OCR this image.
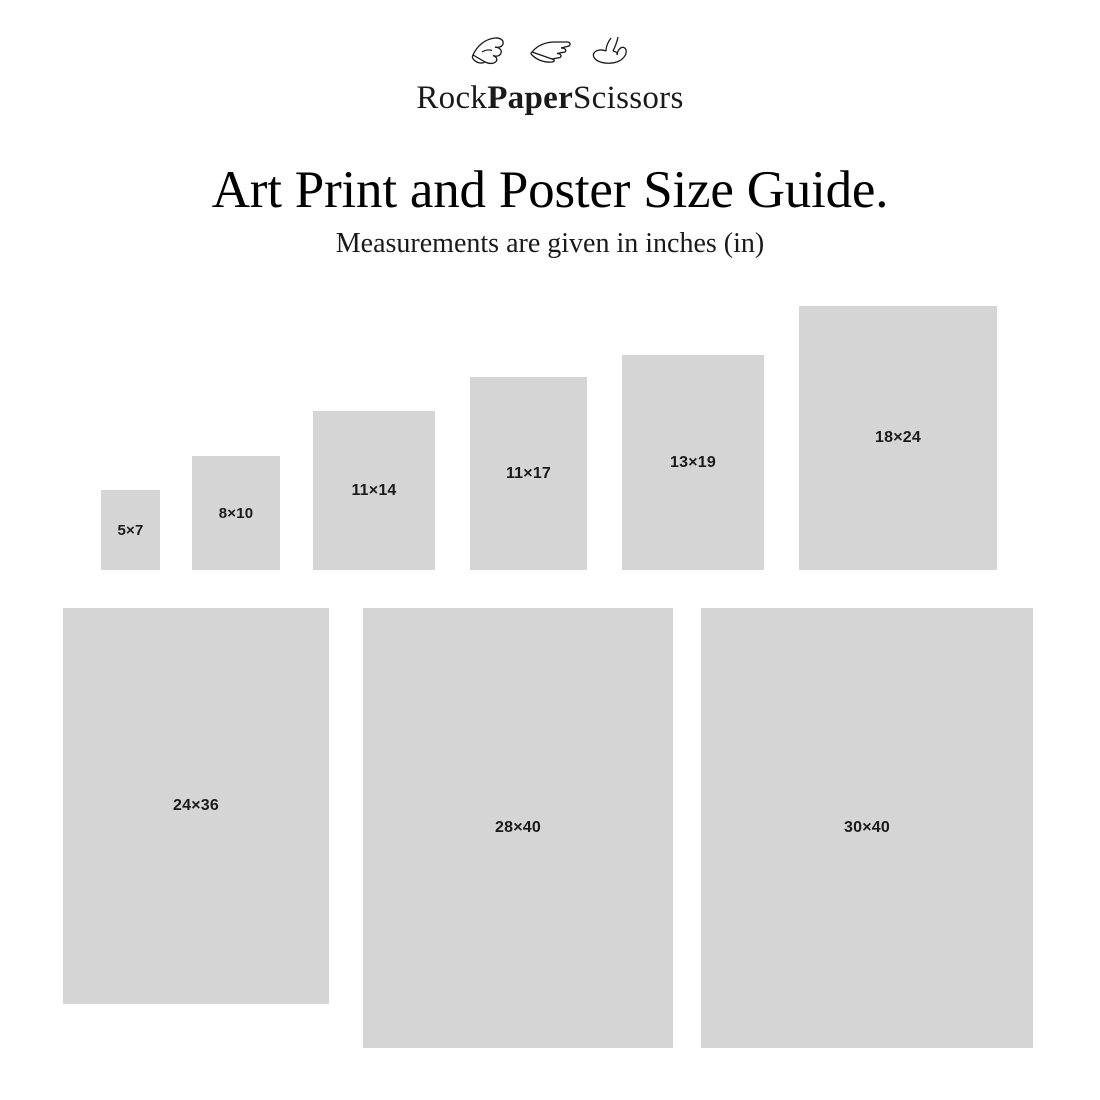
RockPaperScissors
Art Print and Poster Size Guide.
Measurements are given in inches (in)
5×7
8×10
11×14
11×17
13×19
18×24
24×36
28×40	30×40
